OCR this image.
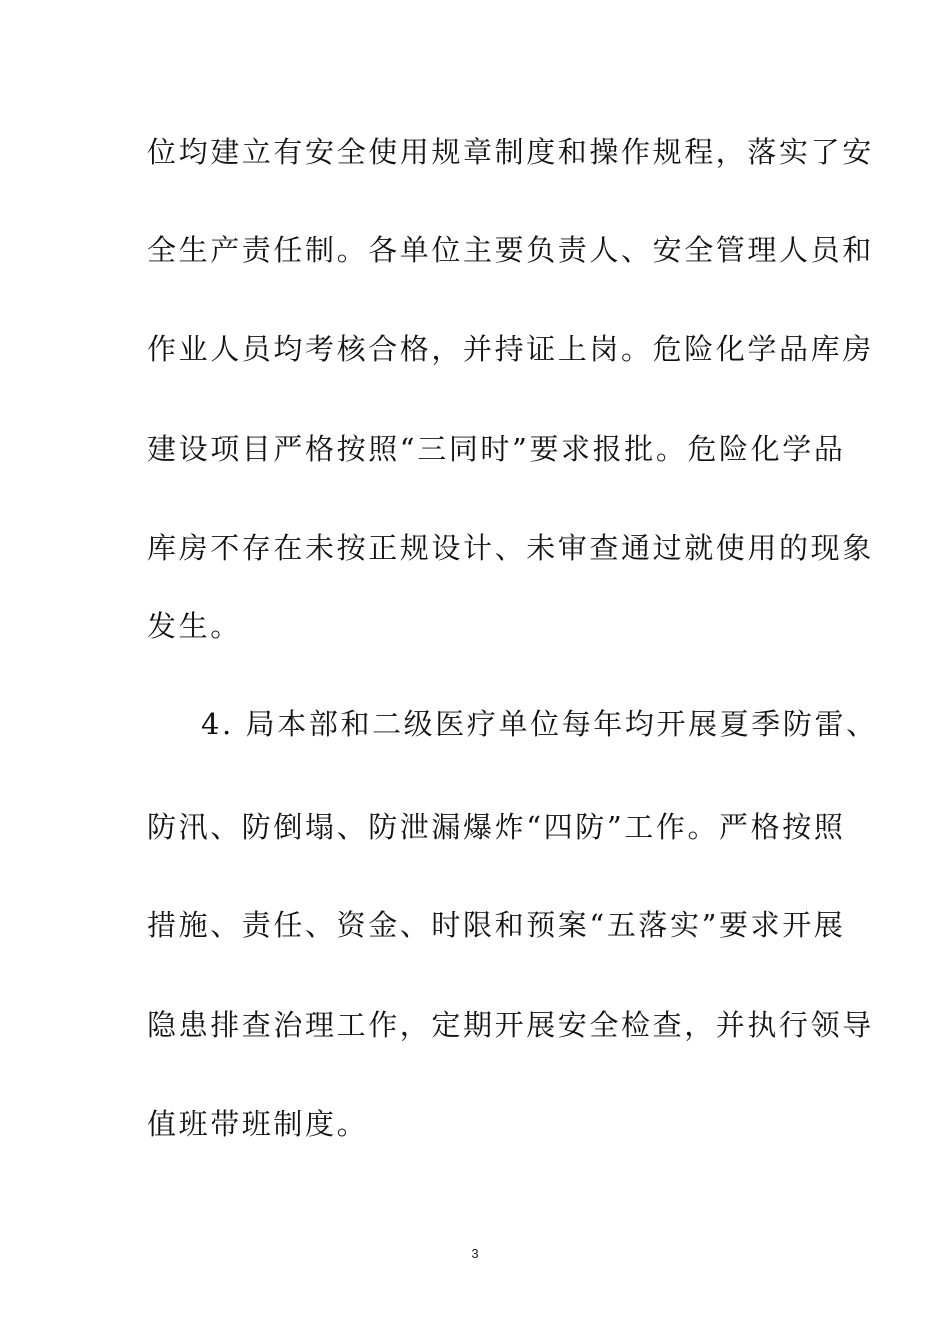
位均建立有安全使用规章制度和操作规程，落实了安
全生产责任制。各单位主要负责人、安全管理人员和
作业人员均考核合格，并持证上岗。危险化学品库房
建设项目严格按照“三同时”要求报批。危险化学品
库房不存在未按正规设计、未审查通过就使用的现象
发生。
4. 局本部和二级医疗单位每年均开展夏季防雷、
防汛、防倒塌、防泄漏爆炸“四防”工作。严格按照
措施、责任、资金、时限和预案“五落实”要求开展
隐患排查治理工作，定期开展安全检查，并执行领导
值班带班制度。
3
